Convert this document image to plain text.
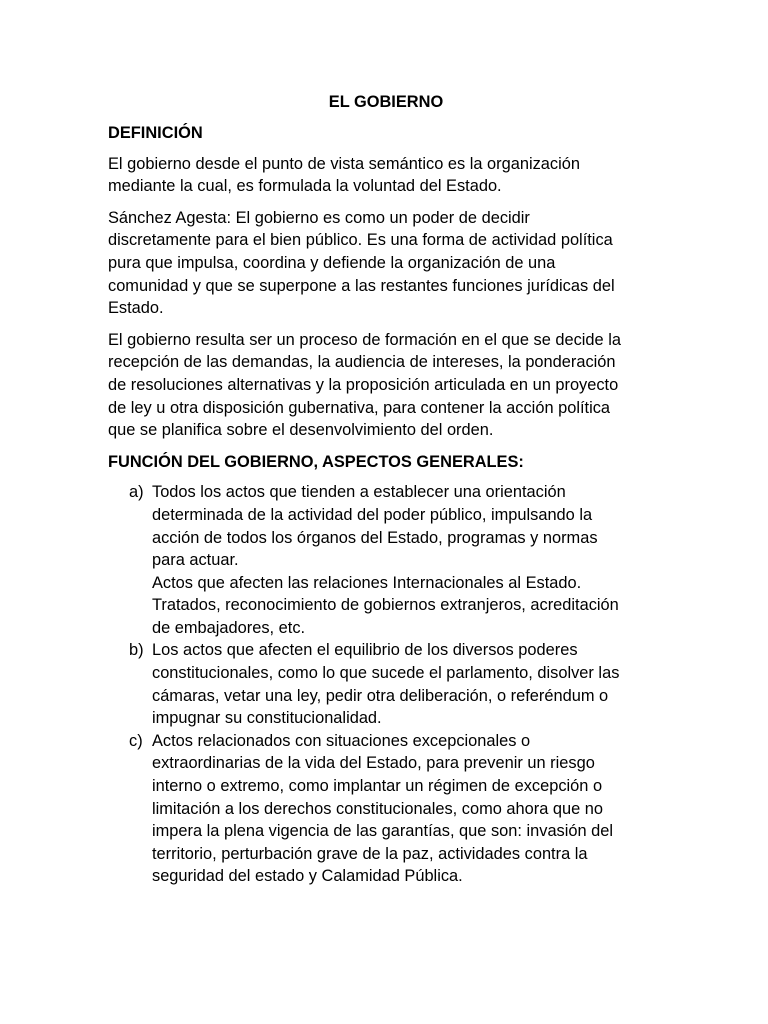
EL GOBIERNO
DEFINICIÓN
El gobierno desde el punto de vista semántico es la organización
mediante la cual, es formulada la voluntad del Estado.
Sánchez Agesta: El gobierno es como un poder de decidir
discretamente para el bien público. Es una forma de actividad política
pura que impulsa, coordina y defiende la organización de una
comunidad y que se superpone a las restantes funciones jurídicas del
Estado.
El gobierno resulta ser un proceso de formación en el que se decide la
recepción de las demandas, la audiencia de intereses, la ponderación
de resoluciones alternativas y la proposición articulada en un proyecto
de ley u otra disposición gubernativa, para contener la acción política
que se planifica sobre el desenvolvimiento del orden.
FUNCIÓN DEL GOBIERNO, ASPECTOS GENERALES:
a) Todos los actos que tienden a establecer una orientación
determinada de la actividad del poder público, impulsando la
acción de todos los órganos del Estado, programas y normas
para actuar.
Actos que afecten las relaciones Internacionales al Estado.
Tratados, reconocimiento de gobiernos extranjeros, acreditación
de embajadores, etc.
b) Los actos que afecten el equilibrio de los diversos poderes
constitucionales, como lo que sucede el parlamento, disolver las
cámaras, vetar una ley, pedir otra deliberación, o referéndum o
impugnar su constitucionalidad.
c) Actos relacionados con situaciones excepcionales o
extraordinarias de la vida del Estado, para prevenir un riesgo
interno o extremo, como implantar un régimen de excepción o
limitación a los derechos constitucionales, como ahora que no
impera la plena vigencia de las garantías, que son: invasión del
territorio, perturbación grave de la paz, actividades contra la
seguridad del estado y Calamidad Pública.
